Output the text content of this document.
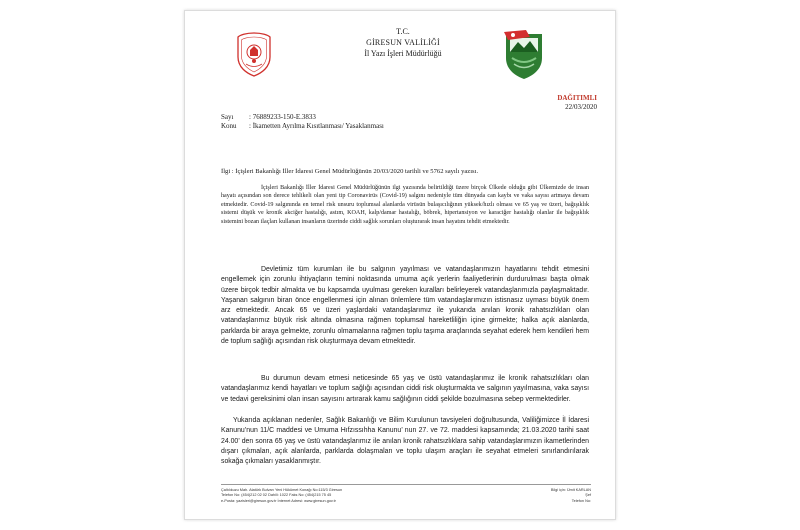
T.C.
GİRESUN VALİLİĞİ
İl Yazı İşleri Müdürlüğü
DAĞITIMLI
22/03/2020
Sayı : 76889233-150-E.3833
Konu : İkametten Ayrılma Kısıtlanması/ Yasaklanması
İlgi : İçişleri Bakanlığı İller İdaresi Genel Müdürlüğünün 20/03/2020 tarihli ve 5762 sayılı yazısı.

İçişleri Bakanlığı İller İdaresi Genel Müdürlüğünün ilgi yazısında belirtildiği üzere birçok Ülkede olduğu gibi Ülkemizde de insan hayatı açısından son derece tehlikeli olan yeni tip Coronavirüs (Covid-19) salgını nedeniyle tüm dünyada can kaybı ve vaka sayısı artmaya devam etmektedir. Covid-19 salgınında en temel risk unsuru toplumsal alanlarda virüsün bulaşıcılığının yüksek/hızlı olması ve 65 yaş ve üzeri, bağışıklık sistemi düşük ve kronik akciğer hastalığı, astım, KOAH, kalp/damar hastalığı, böbrek, hipertansiyon ve karaciğer hastalığı olanlar ile bağışıklık sistemini bozan ilaçları kullanan insanların üzerinde ciddi sağlık sorunları oluşturarak insan hayatını tehdit etmektedir.

Devletimiz tüm kurumları ile bu salgının yayılması ve vatandaşlarımızın hayatlarını tehdit etmesini engellemek için zorunlu ihtiyaçların temini noktasında umuma açık yerlerin faaliyetlerinin durdurulması başta olmak üzere birçok tedbir almakta ve bu kapsamda uyulması gereken kuralları belirleyerek vatandaşlarımızla paylaşmaktadır. Yaşanan salgının biran önce engellenmesi için alınan önlemlere tüm vatandaşlarımızın istisnasız uyması büyük önem arz etmektedir. Ancak 65 ve üzeri yaşlardaki vatandaşlarımız ile yukarıda anılan kronik rahatsızlıkları olan vatandaşlarımız büyük risk altında olmasına rağmen toplumsal hareketliliğin içine girmekte; halka açık alanlarda, parklarda bir araya gelmekte, zorunlu olmamalarına rağmen toplu taşıma araçlarında seyahat ederek hem kendileri hem de toplum sağlığı açısından risk oluşturmaya devam etmektedir.

Bu durumun devam etmesi neticesinde 65 yaş ve üstü vatandaşlarımız ile kronik rahatsızlıkları olan vatandaşlarımız kendi hayatları ve toplum sağlığı açısından ciddi risk oluşturmakta ve salgının yayılmasına, vaka sayısı ve tedavi gereksinimi olan insan sayısını artırarak kamu sağlığının ciddi şekilde bozulmasına sebep vermektedirler.

Yukarıda açıklanan nedenler, Sağlık Bakanlığı ve Bilim Kurulunun tavsiyeleri doğrultusunda, Valiliğimizce İl İdaresi Kanunu’nun 11/C maddesi ve Umuma Hıfzıssıhha Kanunu’ nun 27. ve 72. maddesi kapsamında; 21.03.2020 tarihi saat 24.00’ den sonra 65 yaş ve üstü vatandaşlarımız ile anılan kronik rahatsızlıklara sahip vatandaşlarımızın ikametlerinden dışarı çıkmaları, açık alanlarda, parklarda dolaşmaları ve toplu ulaşım araçları ile seyahat etmeleri sınırlandırılarak sokağa çıkmaları yasaklanmıştır.

Çaltılıkuzu Mah. Atatürk Bulvarı Yeni Hükümet Konağı No:115/3 Giresun
Telefon No: (454)212 02 02 Dahili: 1022 Faks No: (454)215 75 45
e-Posta: yazisleri@giresun.gov.tr İnternet Adresi: www.giresun.gov.tr
Bilgi için: Ümit KARLAN
Şef
Telefon No:
